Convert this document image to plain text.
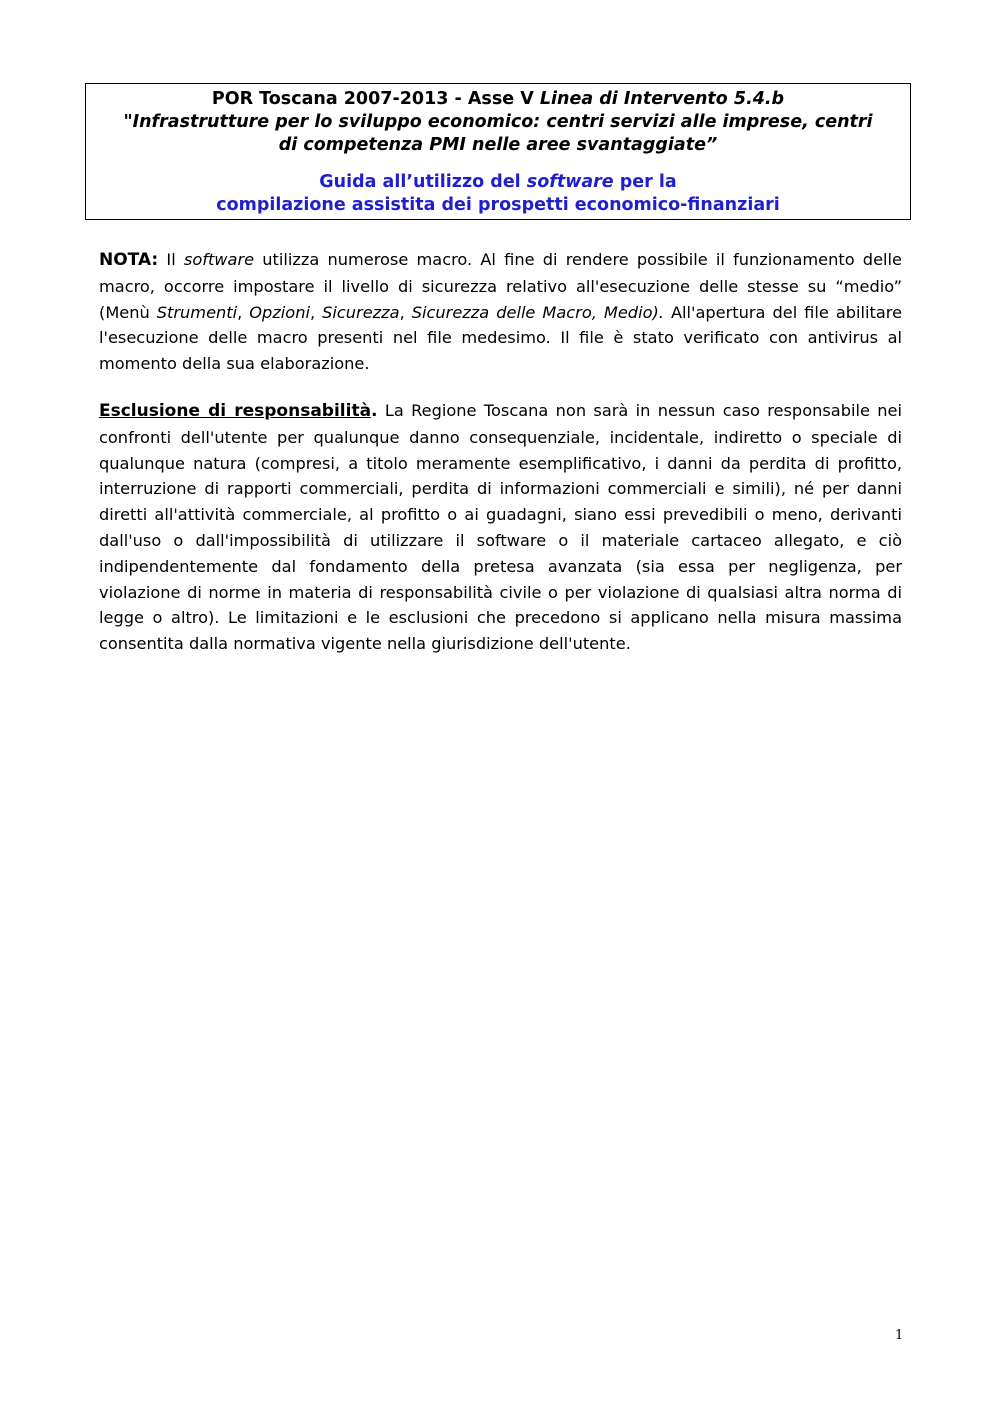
POR Toscana 2007-2013 - Asse V Linea di Intervento 5.4.b
"Infrastrutture per lo sviluppo economico: centri servizi alle imprese, centri
di competenza PMI nelle aree svantaggiate”
Guida all’utilizzo del software per la
compilazione assistita dei prospetti economico-finanziari

NOTA: Il software utilizza numerose macro. Al fine di rendere possibile il funzionamento delle macro, occorre impostare il livello di sicurezza relativo all'esecuzione delle stesse su “medio” (Menù Strumenti, Opzioni, Sicurezza, Sicurezza delle Macro, Medio). All'apertura del file abilitare l'esecuzione delle macro presenti nel file medesimo. Il file è stato verificato con antivirus al momento della sua elaborazione.

Esclusione di responsabilità. La Regione Toscana non sarà in nessun caso responsabile nei confronti dell'utente per qualunque danno consequenziale, incidentale, indiretto o speciale di qualunque natura (compresi, a titolo meramente esemplificativo, i danni da perdita di profitto, interruzione di rapporti commerciali, perdita di informazioni commerciali e simili), né per danni diretti all'attività commerciale, al profitto o ai guadagni, siano essi prevedibili o meno, derivanti dall'uso o dall'impossibilità di utilizzare il software o il materiale cartaceo allegato, e ciò indipendentemente dal fondamento della pretesa avanzata (sia essa per negligenza, per violazione di norme in materia di responsabilità civile o per violazione di qualsiasi altra norma di legge o altro). Le limitazioni e le esclusioni che precedono si applicano nella misura massima consentita dalla normativa vigente nella giurisdizione dell'utente.

1
